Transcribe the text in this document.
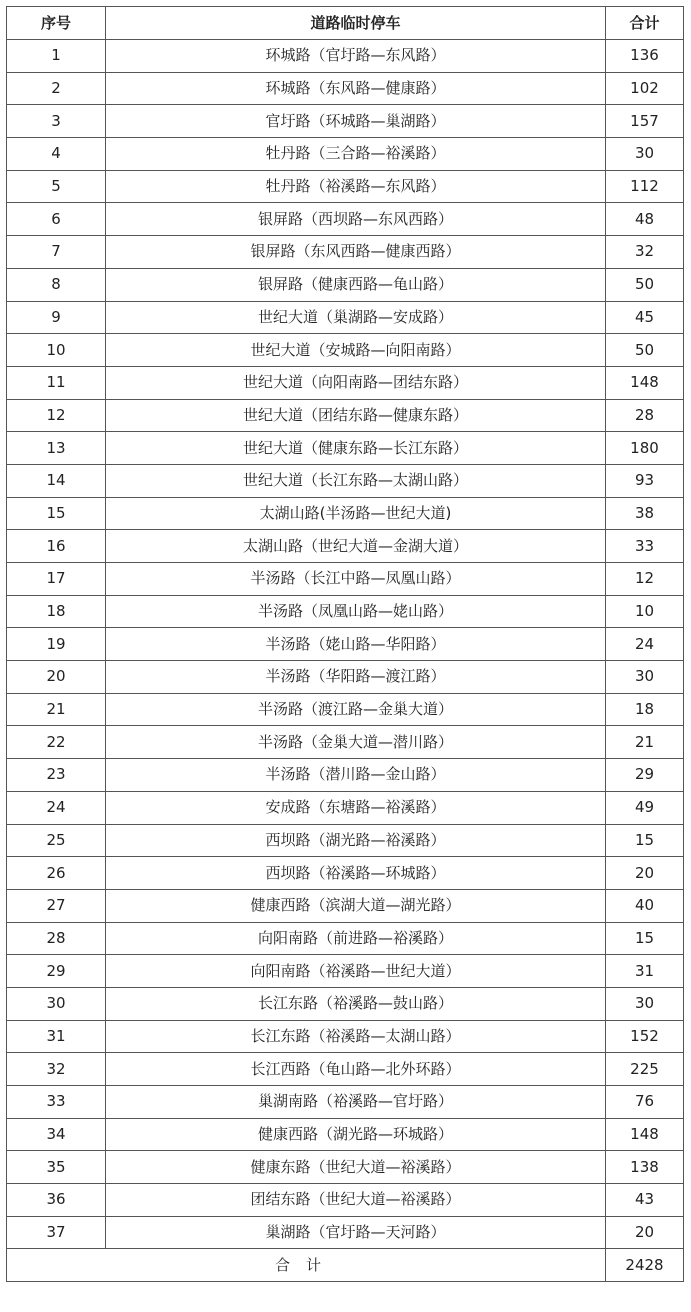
序号	道路临时停车	合计
1	环城路（官圩路—东风路）	136
2	环城路（东风路—健康路）	102
3	官圩路（环城路—巢湖路）	157
4	牡丹路（三合路—裕溪路）	30
5	牡丹路（裕溪路—东风路）	112
6	银屏路（西坝路—东风西路）	48
7	银屏路（东风西路—健康西路）	32
8	银屏路（健康西路—龟山路）	50
9	世纪大道（巢湖路—安成路）	45
10	世纪大道（安城路—向阳南路）	50
11	世纪大道（向阳南路—团结东路）	148
12	世纪大道（团结东路—健康东路）	28
13	世纪大道（健康东路—长江东路）	180
14	世纪大道（长江东路—太湖山路）	93
15	太湖山路(半汤路—世纪大道)	38
16	太湖山路（世纪大道—金湖大道）	33
17	半汤路（长江中路—凤凰山路）	12
18	半汤路（凤凰山路—姥山路）	10
19	半汤路（姥山路—华阳路）	24
20	半汤路（华阳路—渡江路）	30
21	半汤路（渡江路—金巢大道）	18
22	半汤路（金巢大道—潜川路）	21
23	半汤路（潜川路—金山路）	29
24	安成路（东塘路—裕溪路）	49
25	西坝路（湖光路—裕溪路）	15
26	西坝路（裕溪路—环城路）	20
27	健康西路（滨湖大道—湖光路）	40
28	向阳南路（前进路—裕溪路）	15
29	向阳南路（裕溪路—世纪大道）	31
30	长江东路（裕溪路—鼓山路）	30
31	长江东路（裕溪路—太湖山路）	152
32	长江西路（龟山路—北外环路）	225
33	巢湖南路（裕溪路—官圩路）	76
34	健康西路（湖光路—环城路）	148
35	健康东路（世纪大道—裕溪路）	138
36	团结东路（世纪大道—裕溪路）	43
37	巢湖路（官圩路—天河路）	20
合计		2428
